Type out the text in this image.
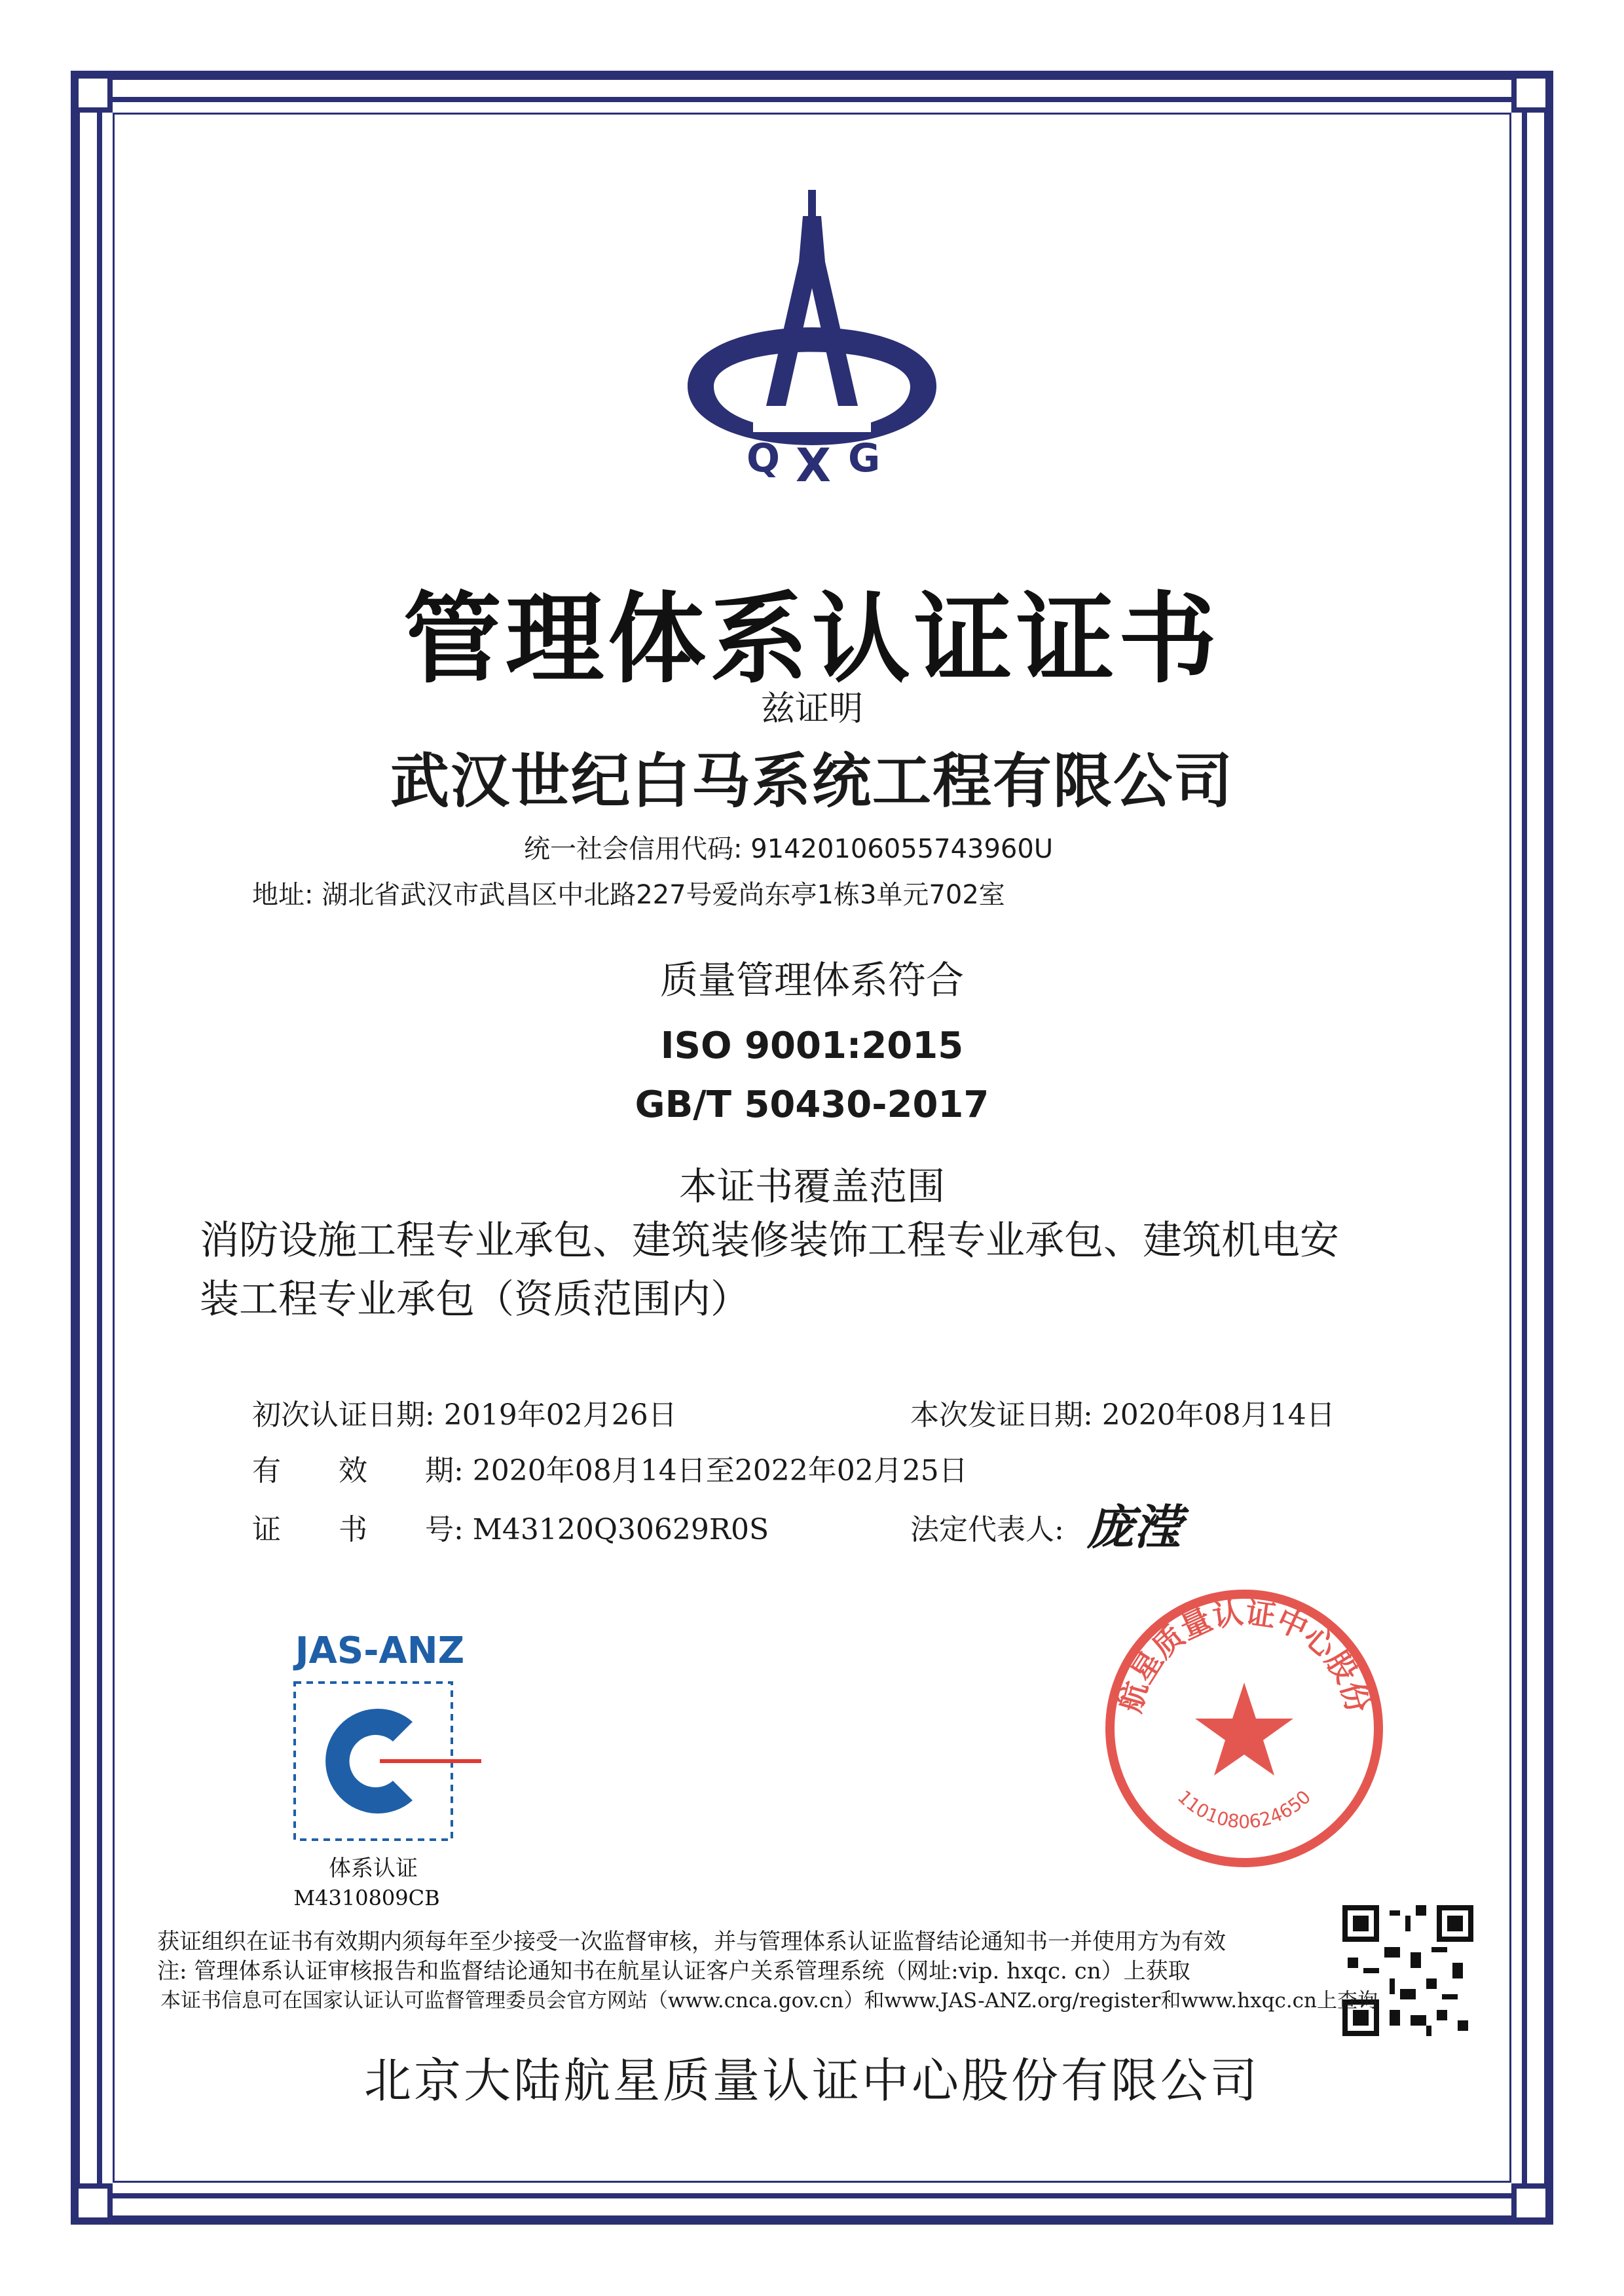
Q X G
管理体系认证证书
兹证明
武汉世纪白马系统工程有限公司
统一社会信用代码: 91420106055743960U
地址: 湖北省武汉市武昌区中北路227号爱尚东亭1栋3单元702室
质量管理体系符合
ISO 9001:2015
GB/T 50430-2017
本证书覆盖范围
消防设施工程专业承包、建筑装修装饰工程专业承包、建筑机电安
装工程专业承包（资质范围内）
初次认证日期: 2019年02月26日	本次发证日期: 2020年08月14日
有　　效　　期: 2020年08月14日至2022年02月25日
证　　书　　号: M43120Q30629R0S	法定代表人: 庞滢
JAS-ANZ
体系认证
M4310809CB
航星质量认证中心股份
1101080624650
获证组织在证书有效期内须每年至少接受一次监督审核，并与管理体系认证监督结论通知书一并使用方为有效
注: 管理体系认证审核报告和监督结论通知书在航星认证客户关系管理系统（网址:vip. hxqc. cn）上获取
本证书信息可在国家认证认可监督管理委员会官方网站（www.cnca.gov.cn）和www.JAS-ANZ.org/register和www.hxqc.cn上查询
北京大陆航星质量认证中心股份有限公司
